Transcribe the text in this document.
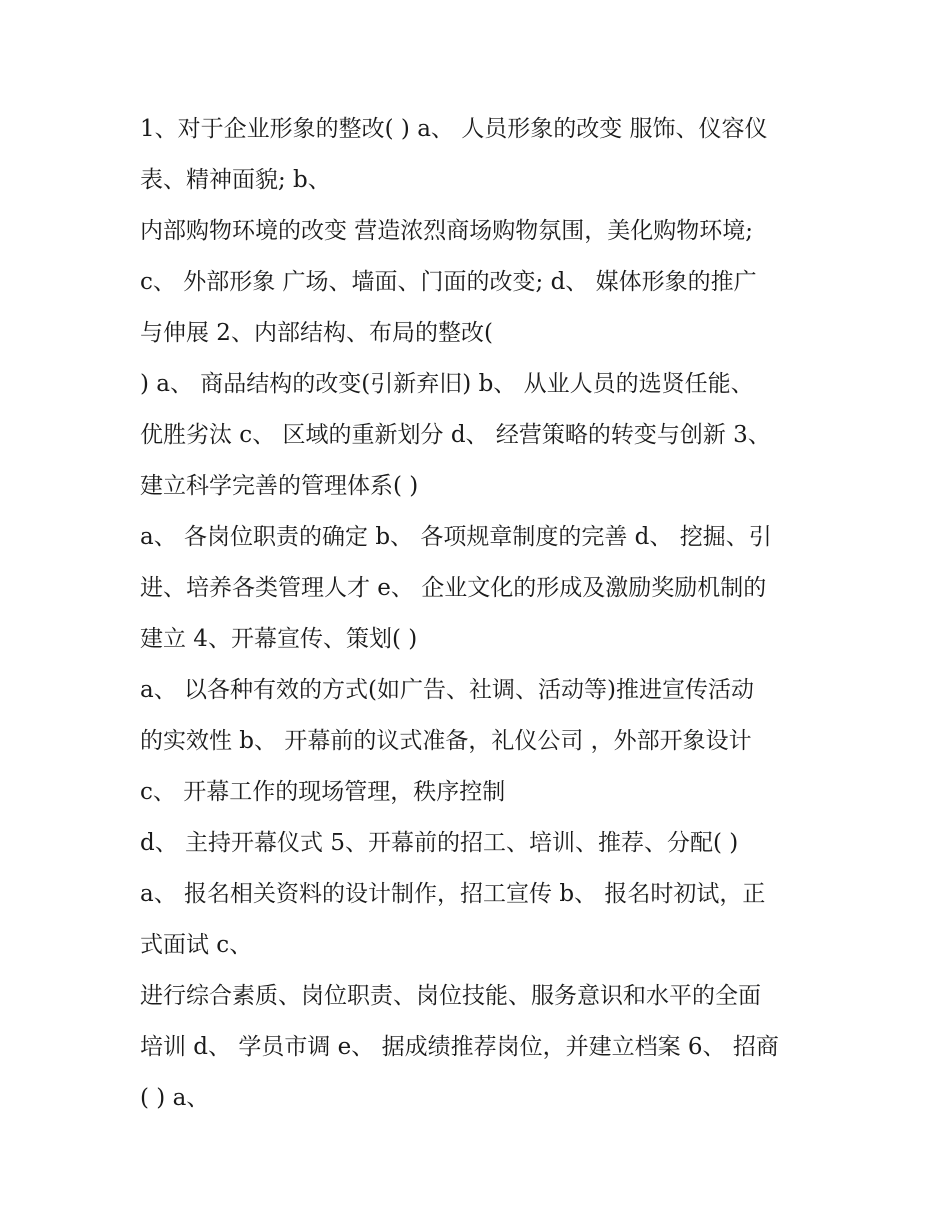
1、对于企业形象的整改( ) a、 人员形象的改变 服饰、仪容仪
表、精神面貌; b、
内部购物环境的改变 营造浓烈商场购物氛围，美化购物环境;
c、 外部形象 广场、墙面、门面的改变; d、 媒体形象的推广
与伸展 2、内部结构、布局的整改(
) a、 商品结构的改变(引新弃旧) b、 从业人员的选贤任能、
优胜劣汰 c、 区域的重新划分 d、 经营策略的转变与创新 3、
建立科学完善的管理体系( )
a、 各岗位职责的确定 b、 各项规章制度的完善 d、 挖掘、引
进、培养各类管理人才 e、 企业文化的形成及激励奖励机制的
建立 4、开幕宣传、策划( )
a、 以各种有效的方式(如广告、社调、活动等)推进宣传活动
的实效性 b、 开幕前的议式准备，礼仪公司 ，外部开象设计
c、 开幕工作的现场管理，秩序控制
d、 主持开幕仪式 5、开幕前的招工、培训、推荐、分配( )
a、 报名相关资料的设计制作，招工宣传 b、 报名时初试，正
式面试 c、
进行综合素质、岗位职责、岗位技能、服务意识和水平的全面
培训 d、 学员市调 e、 据成绩推荐岗位，并建立档案 6、 招商
( ) a、
